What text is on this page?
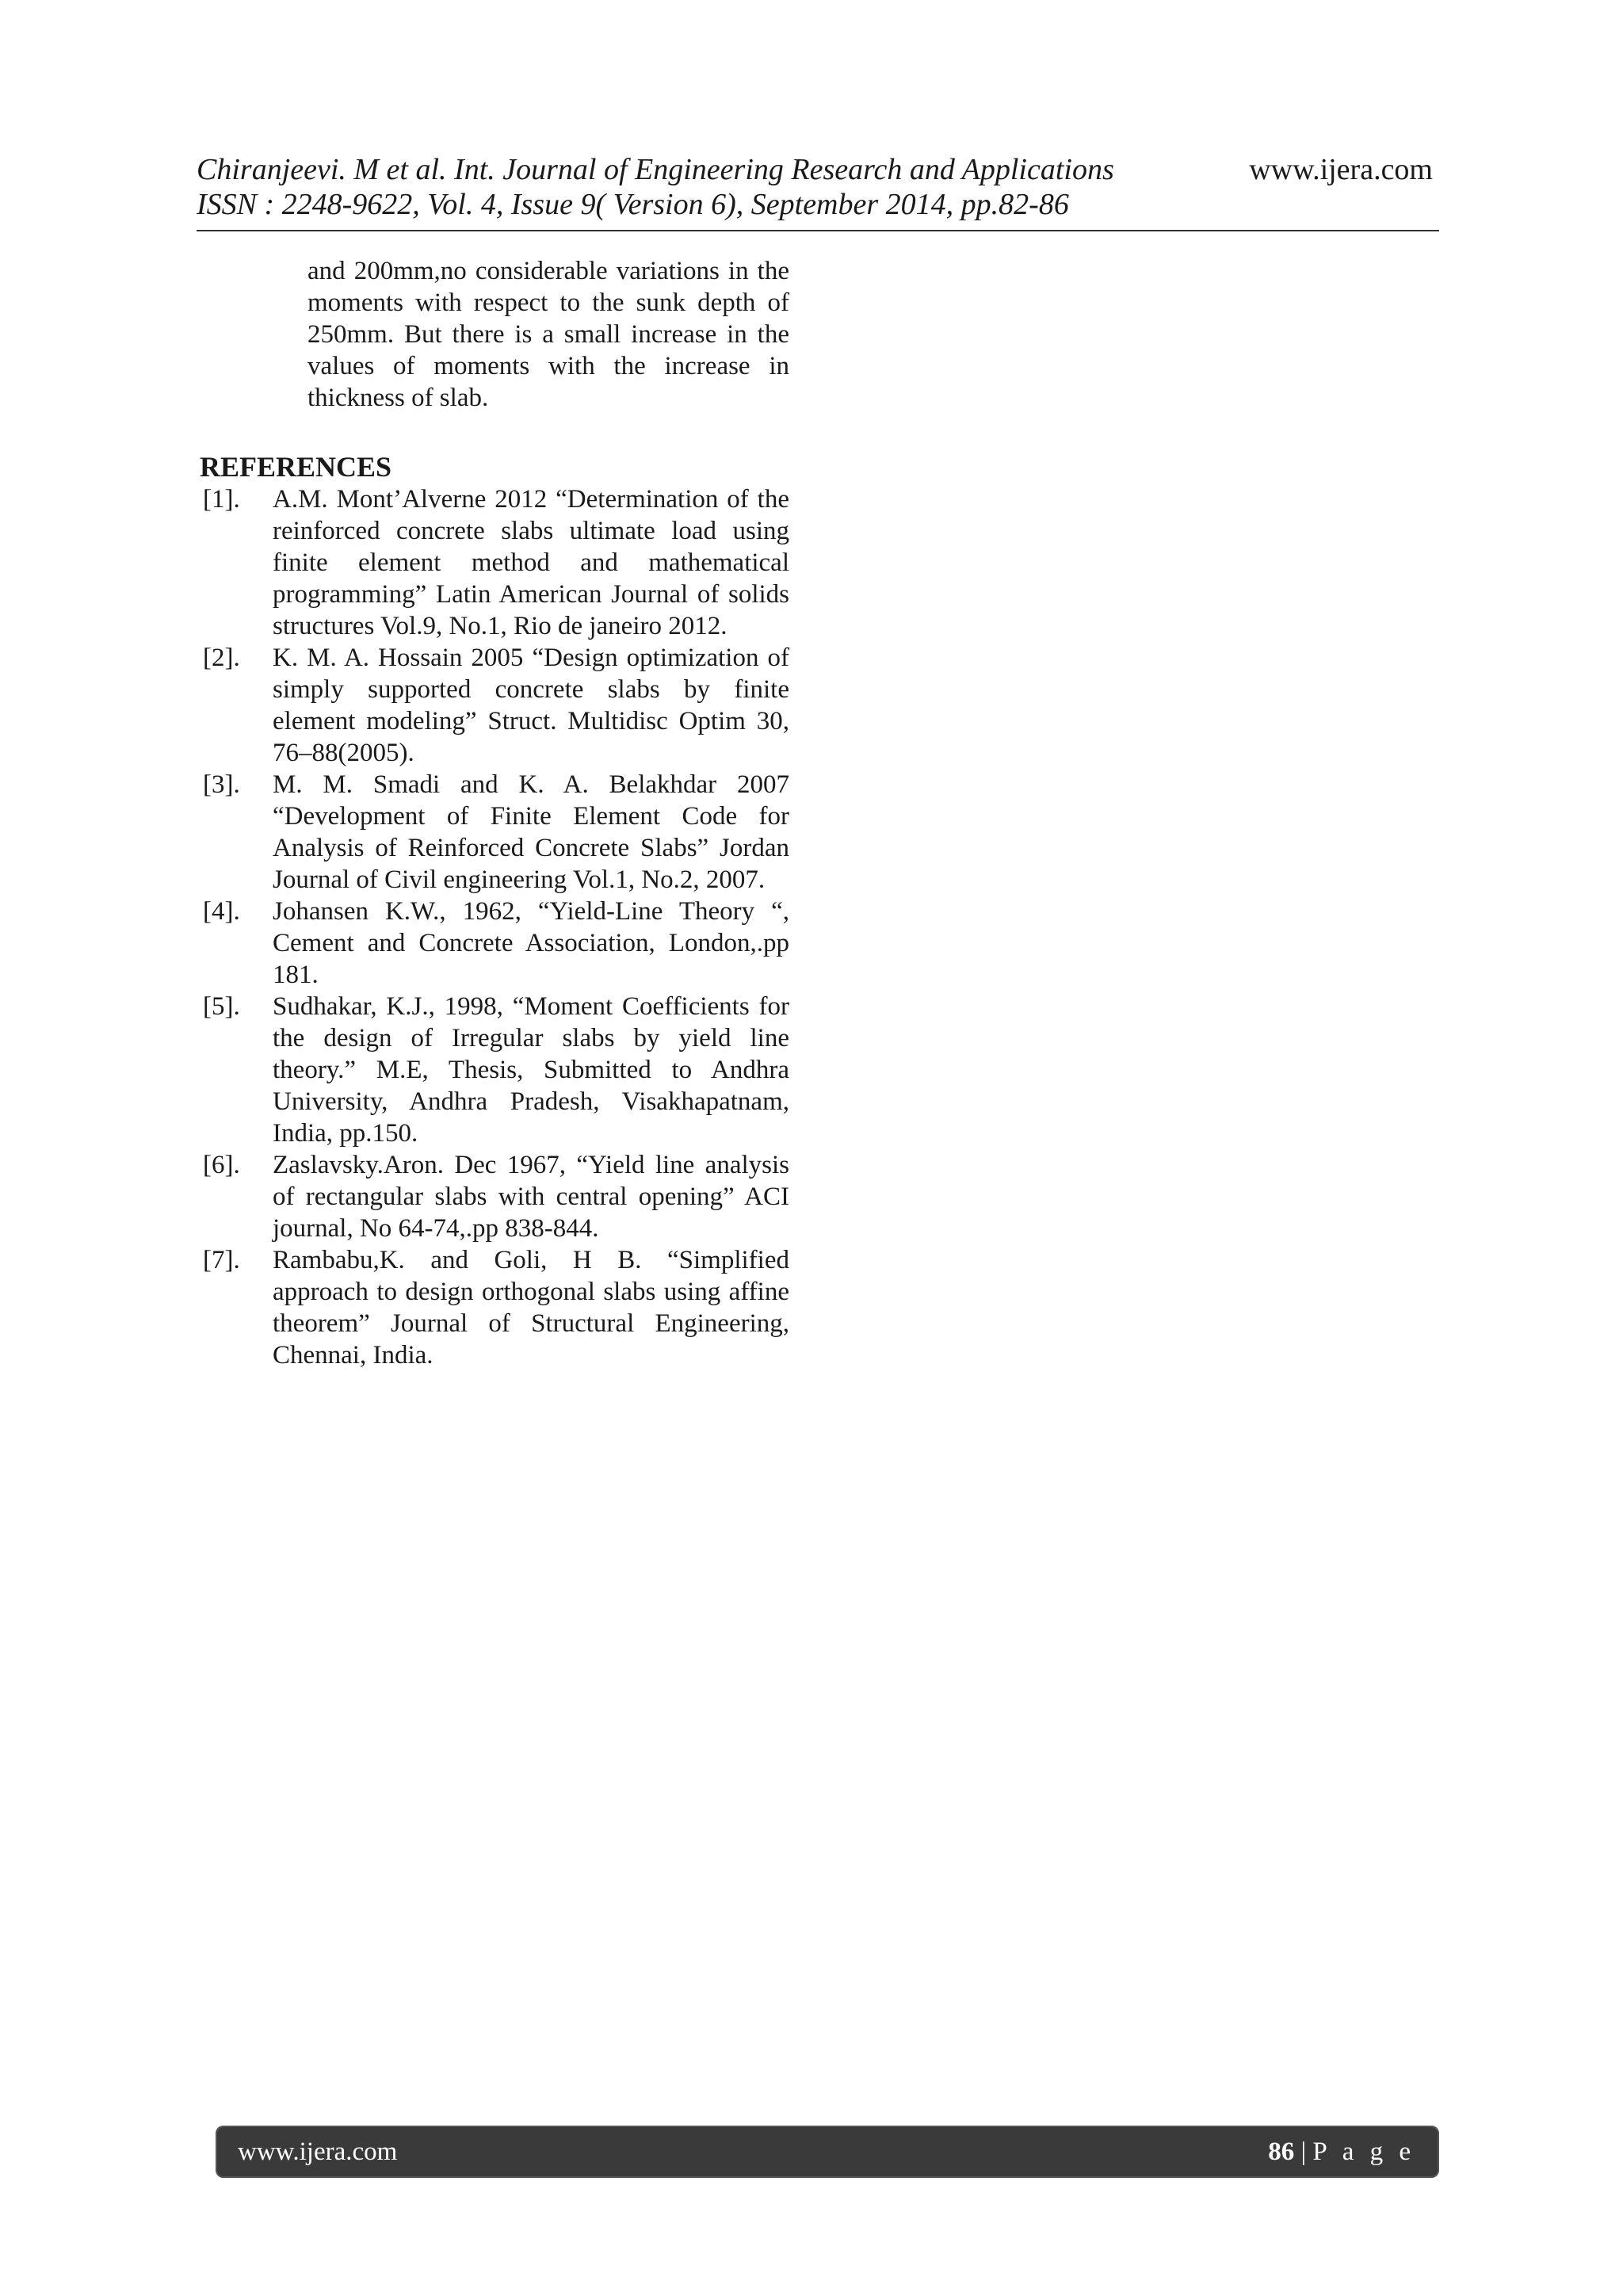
Chiranjeevi. M et al. Int. Journal of Engineering Research and Applications
ISSN : 2248-9622, Vol. 4, Issue 9( Version 6), September 2014, pp.82-86
www.ijera.com

and 200mm,no considerable variations in the moments with respect to the sunk depth of 250mm. But there is a small increase in the values of moments with the increase in thickness of slab.

REFERENCES
[1]. A.M. Mont’Alverne 2012 “Determination of the reinforced concrete slabs ultimate load using finite element method and mathematical programming” Latin American Journal of solids structures Vol.9, No.1, Rio de janeiro 2012.
[2]. K. M. A. Hossain 2005 “Design optimization of simply supported concrete slabs by finite element modeling” Struct. Multidisc Optim 30, 76–88(2005).
[3]. M. M. Smadi and K. A. Belakhdar 2007 “Development of Finite Element Code for Analysis of Reinforced Concrete Slabs” Jordan Journal of Civil engineering Vol.1, No.2, 2007.
[4]. Johansen K.W., 1962, “Yield-Line Theory “, Cement and Concrete Association, London,.pp 181.
[5]. Sudhakar, K.J., 1998, “Moment Coefficients for the design of Irregular slabs by yield line theory.” M.E, Thesis, Submitted to Andhra University, Andhra Pradesh, Visakhapatnam, India, pp.150.
[6]. Zaslavsky.Aron. Dec 1967, “Yield line analysis of rectangular slabs with central opening” ACI journal, No 64-74,.pp 838-844.
[7]. Rambabu,K. and Goli, H B. “Simplified approach to design orthogonal slabs using affine theorem” Journal of Structural Engineering, Chennai, India.
www.ijera.com	86 | P a g e
